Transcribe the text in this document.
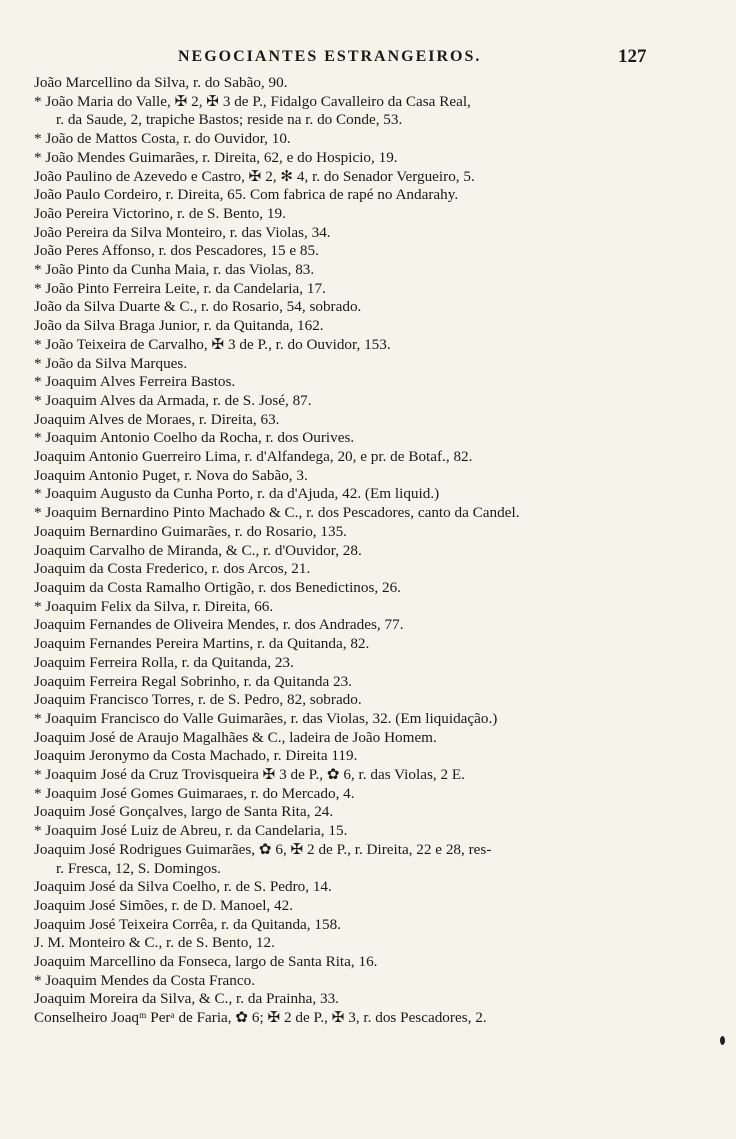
NEGOCIANTES ESTRANGEIROS.	127
João Marcellino da Silva, r. do Sabão, 90.
* João Maria do Valle, ✠ 2, ✠ 3 de P., Fidalgo Cavalleiro da Casa Real,
r. da Saude, 2, trapiche Bastos; reside na r. do Conde, 53.
* João de Mattos Costa, r. do Ouvidor, 10.
* João Mendes Guimarães, r. Direita, 62, e do Hospicio, 19.
João Paulino de Azevedo e Castro, ✠ 2, ✻ 4, r. do Senador Vergueiro, 5.
João Paulo Cordeiro, r. Direita, 65. Com fabrica de rapé no Andarahy.
João Pereira Victorino, r. de S. Bento, 19.
João Pereira da Silva Monteiro, r. das Violas, 34.
João Peres Affonso, r. dos Pescadores, 15 e 85.
* João Pinto da Cunha Maia, r. das Violas, 83.
* João Pinto Ferreira Leite, r. da Candelaria, 17.
João da Silva Duarte & C., r. do Rosario, 54, sobrado.
João da Silva Braga Junior, r. da Quitanda, 162.
* João Teixeira de Carvalho, ✠ 3 de P., r. do Ouvidor, 153.
* João da Silva Marques.
* Joaquim Alves Ferreira Bastos.
* Joaquim Alves da Armada, r. de S. José, 87.
Joaquim Alves de Moraes, r. Direita, 63.
* Joaquim Antonio Coelho da Rocha, r. dos Ourives.
Joaquim Antonio Guerreiro Lima, r. d'Alfandega, 20, e pr. de Botaf., 82.
Joaquim Antonio Puget, r. Nova do Sabão, 3.
* Joaquim Augusto da Cunha Porto, r. da d'Ajuda, 42. (Em liquid.)
* Joaquim Bernardino Pinto Machado & C., r. dos Pescadores, canto da Candel.
Joaquim Bernardino Guimarães, r. do Rosario, 135.
Joaquim Carvalho de Miranda, & C., r. d'Ouvidor, 28.
Joaquim da Costa Frederico, r. dos Arcos, 21.
Joaquim da Costa Ramalho Ortigão, r. dos Benedictinos, 26.
* Joaquim Felix da Silva, r. Direita, 66.
Joaquim Fernandes de Oliveira Mendes, r. dos Andrades, 77.
Joaquim Fernandes Pereira Martins, r. da Quitanda, 82.
Joaquim Ferreira Rolla, r. da Quitanda, 23.
Joaquim Ferreira Regal Sobrinho, r. da Quitanda 23.
Joaquim Francisco Torres, r. de S. Pedro, 82, sobrado.
* Joaquim Francisco do Valle Guimarães, r. das Violas, 32. (Em liquidação.)
Joaquim José de Araujo Magalhães & C., ladeira de João Homem.
Joaquim Jeronymo da Costa Machado, r. Direita 119.
* Joaquim José da Cruz Trovisqueira ✠ 3 de P., ✿ 6, r. das Violas, 2 E.
* Joaquim José Gomes Guimaraes, r. do Mercado, 4.
Joaquim José Gonçalves, largo de Santa Rita, 24.
* Joaquim José Luiz de Abreu, r. da Candelaria, 15.
Joaquim José Rodrigues Guimarães, ✿ 6, ✠ 2 de P., r. Direita, 22 e 28, res-
r. Fresca, 12, S. Domingos.
Joaquim José da Silva Coelho, r. de S. Pedro, 14.
Joaquim José Simões, r. de D. Manoel, 42.
Joaquim José Teixeira Corrêa, r. da Quitanda, 158.
J. M. Monteiro & C., r. de S. Bento, 12.
Joaquim Marcellino da Fonseca, largo de Santa Rita, 16.
* Joaquim Mendes da Costa Franco.
Joaquim Moreira da Silva, & C., r. da Prainha, 33.
Conselheiro Joaqᵐ Perᵃ de Faria, ✿ 6; ✠ 2 de P., ✠ 3, r. dos Pescadores, 2.
